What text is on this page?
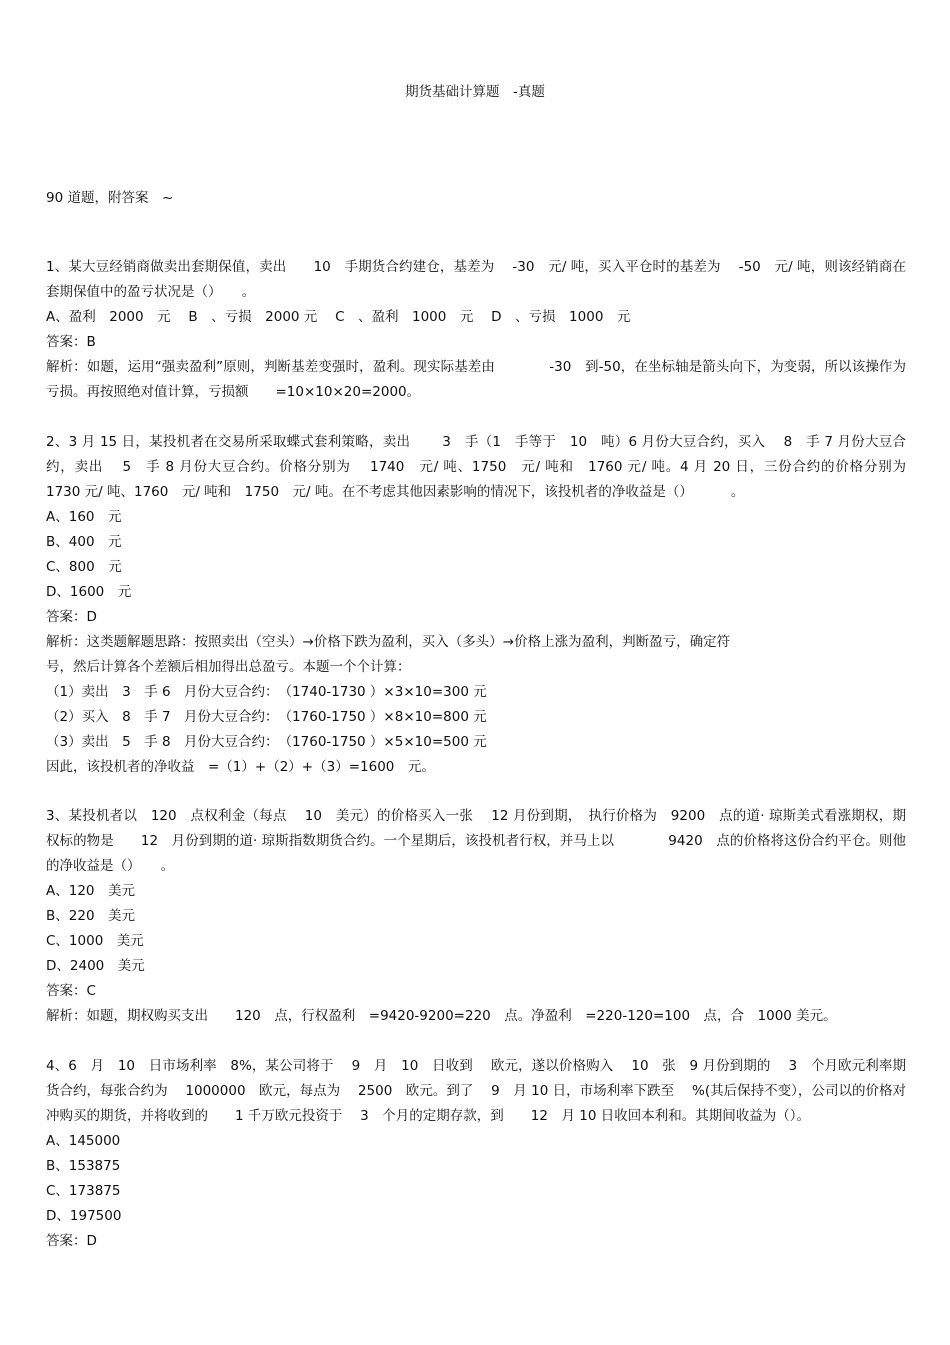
期货基础计算题　-真题
90 道题，附答案　~
1、某大豆经销商做卖出套期保值，卖出　　10　手期货合约建仓，基差为　 -30　元/ 吨，买入平仓时的基差为　 -50　元/ 吨，则该经销商在套期保值中的盈亏状况是（）　　。
A、盈利　2000　元　 B　、亏损　2000 元　 C　、盈利　1000　元　 D　、亏损　1000　元
答案：B
解析：如题，运用“强卖盈利”原则，判断基差变强时，盈利。现实际基差由　　　　-30　到-50，在坐标轴是箭头向下，为变弱，所以该操作为亏损。再按照绝对值计算，亏损额　　=10×10×20=2000。
2、3 月 15 日，某投机者在交易所采取蝶式套利策略，卖出　　 3　手（1　手等于　10　吨）6 月份大豆合约，买入　 8　手 7 月份大豆合约，卖出　 5　手 8 月份大豆合约。价格分别为　 1740　元/ 吨、1750　元/ 吨和　1760 元/ 吨。4 月 20 日，三份合约的价格分别为　1730 元/ 吨、1760　元/ 吨和　1750　元/ 吨。在不考虑其他因素影响的情况下，该投机者的净收益是（）　　　 。
A、160　元
B、400　元
C、800　元
D、1600　元
答案：D
解析：这类题解题思路：按照卖出（空头）→价格下跌为盈利，买入（多头）→价格上涨为盈利，判断盈亏，确定符
号，然后计算各个差额后相加得出总盈亏。本题一个个计算：
（1）卖出　3　手 6　月份大豆合约：　（1740-1730 ）×3×10=300 元
（2）买入　8　手 7　月份大豆合约：　（1760-1750 ）×8×10=800 元
（3）卖出　5　手 8　月份大豆合约：　（1760-1750 ）×5×10=500 元
因此，该投机者的净收益　=（1）+（2）+（3）=1600　元。
3、某投机者以　120　点权利金（每点　 10　美元）的价格买入一张　 12 月份到期，　执行价格为　9200　点的道· 琼斯美式看涨期权，期权标的物是　　12　月份到期的道· 琼斯指数期货合约。一个星期后，该投机者行权，并马上以　　　　9420　点的价格将这份合约平仓。则他的净收益是（）　　。
A、120　美元
B、220　美元
C、1000　美元
D、2400　美元
答案：C
解析：如题，期权购买支出　　120　点，行权盈利　=9420-9200=220　点。净盈利　=220-120=100　点，合　1000 美元。
4、6　月　10　日市场利率　8%，某公司将于　 9　月　10　日收到　 欧元，遂以价格购入　 10　张　9 月份到期的　 3　个月欧元利率期货合约，每张合约为　 1000000　欧元，每点为　 2500　欧元。到了　 9　月 10 日，市场利率下跌至　 %(其后保持不变），公司以的价格对冲购买的期货，并将收到的　　1 千万欧元投资于　 3　个月的定期存款，到　　12　月 10 日收回本利和。其期间收益为（）。
A、145000
B、153875
C、173875
D、197500
答案：D
